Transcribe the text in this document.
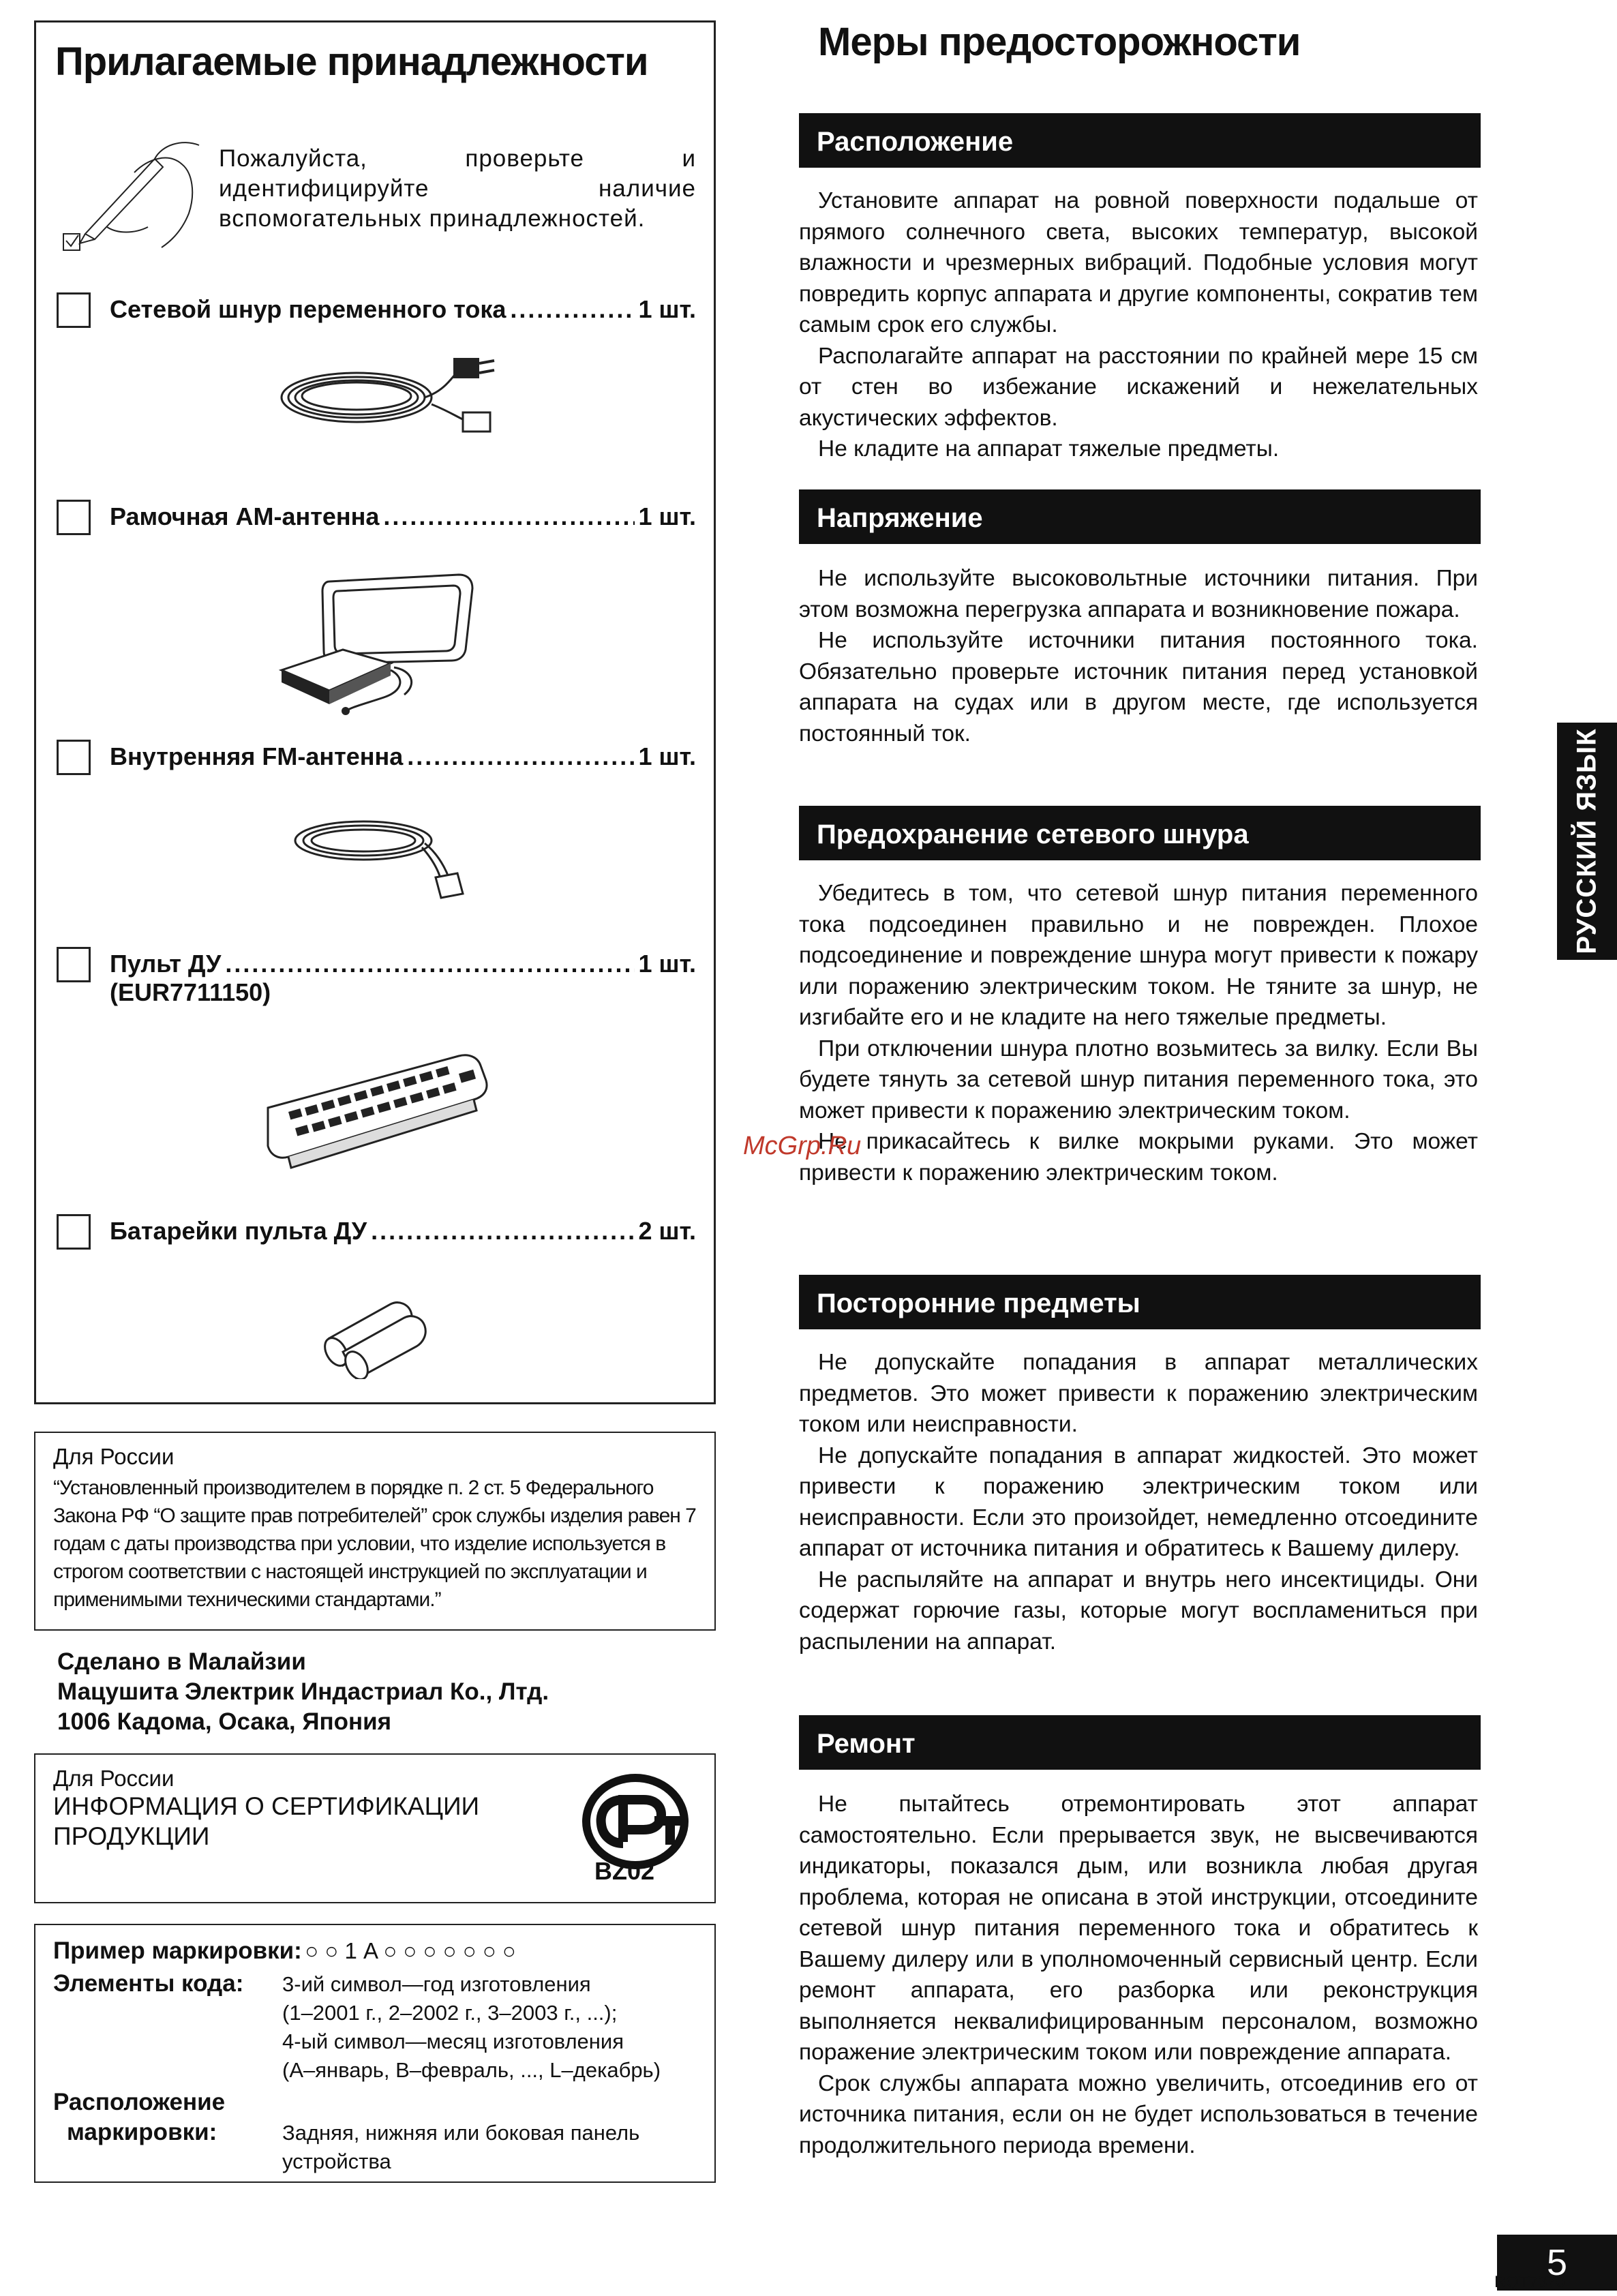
Прилагаемые принадлежности
Пожалуйста, проверьте и
идентифицируйте наличие
вспомогательных принадлежностей.
Сетевой шнур переменного тока .....	1 шт.
Рамочная АМ-антенна .....	1 шт.
Внутренняя FM-антенна .....	1 шт.
Пульт ДУ .....	1 шт.
(EUR7711150)
Батарейки пульта ДУ .....	2 шт.
Для России
“Установленный производителем в порядке п. 2 ст. 5 Федерального Закона РФ “О защите прав потребителей” срок службы изделия равен 7 годам с даты производства при условии, что изделие используется в строгом соответствии с настоящей инструкцией по эксплуатации и применимыми техническими стандартами.”
Сделано в Малайзии
Мацушита Электрик Индастриал Ко., Лтд.
1006 Кадома, Осака, Япония
Для России
ИНФОРМАЦИЯ О СЕРТИФИКАЦИИ ПРОДУКЦИИ
BZ02
Пример маркировки: ○ ○ 1 A ○ ○ ○ ○ ○ ○ ○
Элементы кода: 3-ий символ—год изготовления
(1–2001 г., 2–2002 г., 3–2003 г., ...);
4-ый символ—месяц изготовления
(A–январь, B–февраль, ..., L–декабрь)
Расположение
маркировки:	Задняя, нижняя или боковая панель
устройства
Меры предосторожности
Расположение

Установите аппарат на ровной поверхности подальше от прямого солнечного света, высоких температур, высокой влажности и чрезмерных вибраций. Подобные условия могут повредить корпус аппарата и другие компоненты, сократив тем самым срок его службы.

Располагайте аппарат на расстоянии по крайней мере 15 см от стен во избежание искажений и нежелательных акустических эффектов.

Не кладите на аппарат тяжелые предметы.

Напряжение

Не используйте высоковольтные источники питания. При этом возможна перегрузка аппарата и возникновение пожара.

Не используйте источники питания постоянного тока. Обязательно проверьте источник питания перед установкой аппарата на судах или в другом месте, где используется постоянный ток.

Предохранение сетевого шнура

Убедитесь в том, что сетевой шнур питания переменного тока подсоединен правильно и не поврежден. Плохое подсоединение и повреждение шнура могут привести к пожару или поражению электрическим током. Не тяните за шнур, не изгибайте его и не кладите на него тяжелые предметы.

При отключении шнура плотно возьмитесь за вилку. Если Вы будете тянуть за сетевой шнур питания переменного тока, это может привести к поражению электрическим током.

Не прикасайтесь к вилке мокрыми руками. Это может привести к поражению электрическим током.

Посторонние предметы

Не допускайте попадания в аппарат металлических предметов. Это может привести к поражению электрическим током или неисправности.

Не допускайте попадания в аппарат жидкостей. Это может привести к поражению электрическим током или неисправности. Если это произойдет, немедленно отсоедините аппарат от источника питания и обратитесь к Вашему дилеру.

Не распыляйте на аппарат и внутрь него инсектициды. Они содержат горючие газы, которые могут воспламениться при распылении на аппарат.

Ремонт

Не пытайтесь отремонтировать этот аппарат самостоятельно. Если прерывается звук, не высвечиваются индикаторы, показался дым, или возникла любая другая проблема, которая не описана в этой инструкции, отсоедините сетевой шнур питания переменного тока и обратитесь к Вашему дилеру или в уполномоченный сервисный центр. Если ремонт аппарата, его разборка или реконструкция выполняется неквалифицированным персоналом, возможно поражение электрическим током или повреждение аппарата.

Срок службы аппарата можно увеличить, отсоединив его от источника питания, если он не будет использоваться в течение продолжительного периода времени.

РУССКИЙ ЯЗЫК
McGrp.Ru
5
RQT7370
